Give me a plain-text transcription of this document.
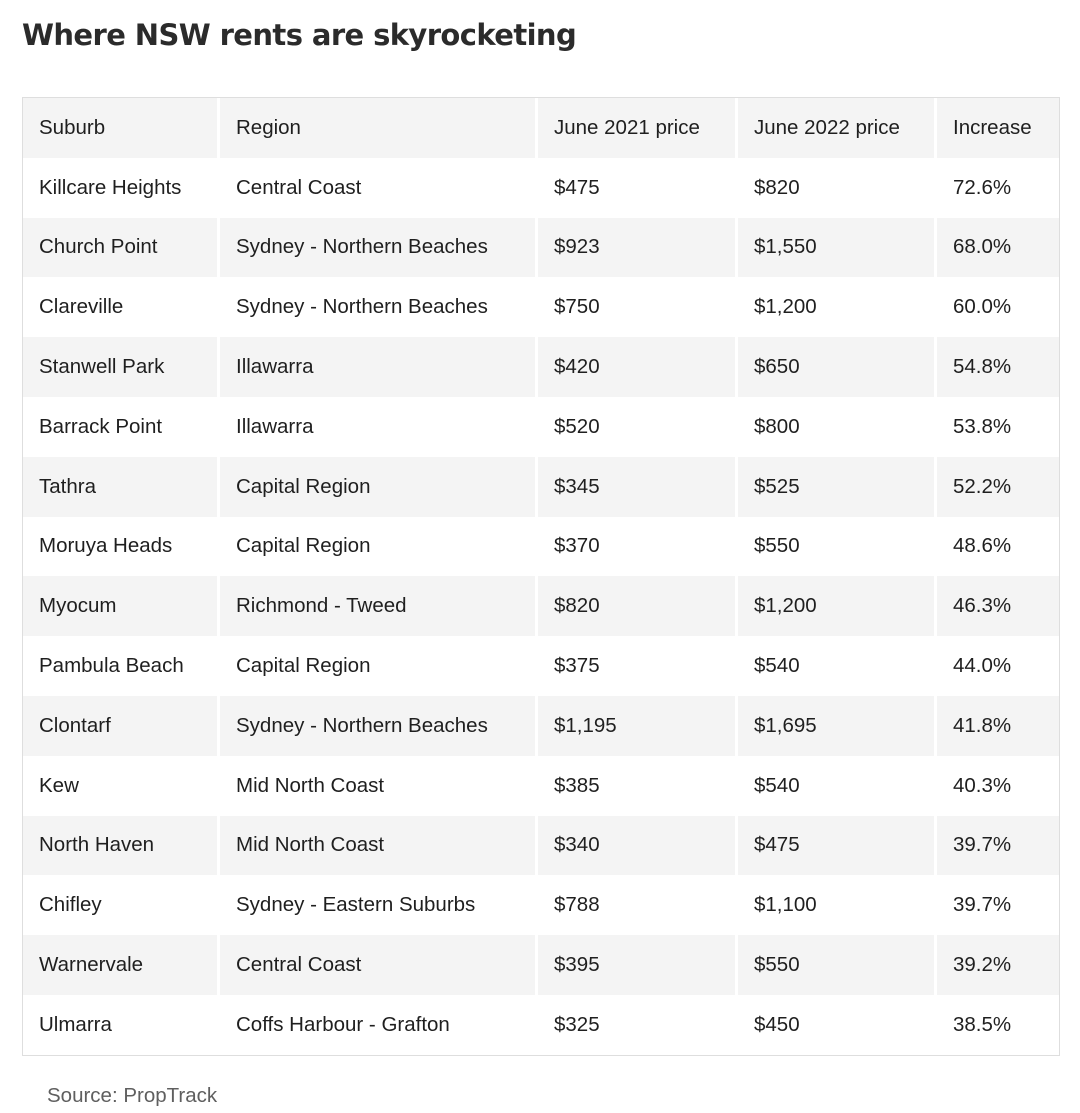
Where NSW rents are skyrocketing
Suburb	Region	June 2021 price	June 2022 price	Increase
Killcare Heights	Central Coast	$475	$820	72.6%
Church Point	Sydney - Northern Beaches	$923	$1,550	68.0%
Clareville	Sydney - Northern Beaches	$750	$1,200	60.0%
Stanwell Park	Illawarra	$420	$650	54.8%
Barrack Point	Illawarra	$520	$800	53.8%
Tathra	Capital Region	$345	$525	52.2%
Moruya Heads	Capital Region	$370	$550	48.6%
Myocum	Richmond - Tweed	$820	$1,200	46.3%
Pambula Beach	Capital Region	$375	$540	44.0%
Clontarf	Sydney - Northern Beaches	$1,195	$1,695	41.8%
Kew	Mid North Coast	$385	$540	40.3%
North Haven	Mid North Coast	$340	$475	39.7%
Chifley	Sydney - Eastern Suburbs	$788	$1,100	39.7%
Warnervale	Central Coast	$395	$550	39.2%
Ulmarra	Coffs Harbour - Grafton	$325	$450	38.5%
Source: PropTrack
